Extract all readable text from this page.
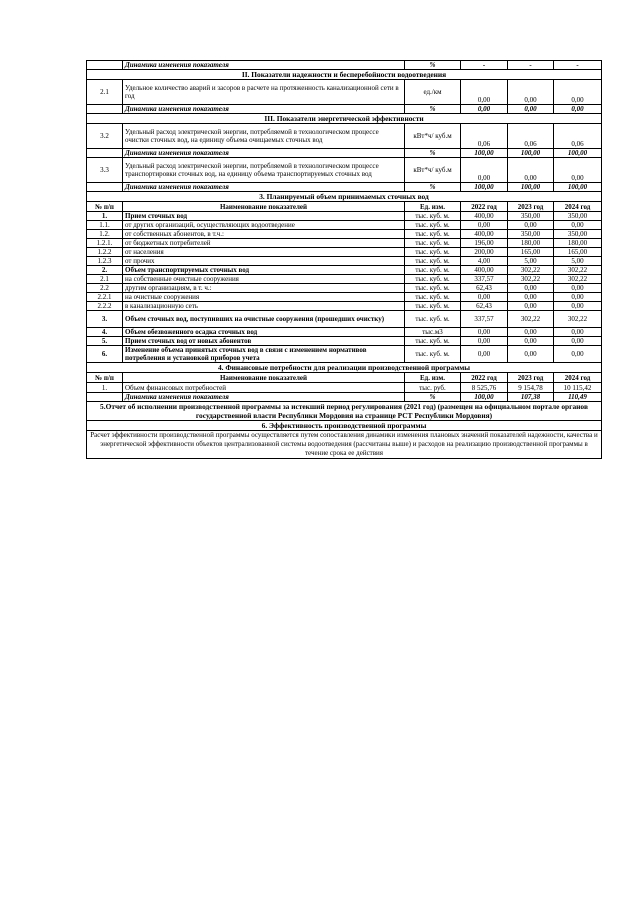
	Динамика изменения показателя	%	-	-	-
II. Показатели надежности и бесперебойности водоотведения					
2.1	Удельное количество аварий и засоров в расчете на протяженность канализационной сети в год	ед./км	0,00	0,00	0,00
	Динамика изменения показателя	%	0,00	0,00	0,00
III. Показатели энергетической эффективности					
3.2	Удельный расход электрической энергии, потребляемой в технологическом процессе очистки сточных вод, на единицу объема очищаемых сточных вод	кВт*ч/ куб.м	0,06	0,06	0,06
	Динамика изменения показателя	%	100,00	100,00	100,00
3.3	Удельный расход электрической энергии, потребляемой в технологическом процессе транспортировки сточных вод, на единицу объема транспортируемых сточных вод	кВт*ч/ куб.м	0,00	0,00	0,00
	Динамика изменения показателя	%	100,00	100,00	100,00
3. Планируемый объем принимаемых сточных вод					
№ п/п	Наименование показателей	Ед. изм.	2022 год	2023 год	2024 год
1.	Прием сточных вод	тыс. куб. м.	400,00	350,00	350,00
1.1.	от других организаций, осуществляющих водоотведение	тыс. куб. м.	0,00	0,00	0,00
1.2.	от собственных абонентов, в т.ч.:	тыс. куб. м.	400,00	350,00	350,00
1.2.1.	от бюджетных потребителей	тыс. куб. м.	196,00	180,00	180,00
1.2.2	от населения	тыс. куб. м.	200,00	165,00	165,00
1.2.3	от прочих	тыс. куб. м.	4,00	5,00	5,00
2.	Объем транспортируемых сточных вод	тыс. куб. м.	400,00	302,22	302,22
2.1	на собственные очистные сооружения	тыс. куб. м.	337,57	302,22	302,22
2.2	другим организациям, в т. ч.:	тыс. куб. м.	62,43	0,00	0,00
2.2.1	на очистные сооружения	тыс. куб. м.	0,00	0,00	0,00
2.2.2	в канализационную сеть	тыс. куб. м.	62,43	0,00	0,00
3.	Объем сточных вод, поступивших на очистные сооружения (прошедших очистку)	тыс. куб. м.	337,57	302,22	302,22
4.	Объем обезвоженного осадка сточных вод	тыс.м3	0,00	0,00	0,00
5.	Прием сточных вод от новых абонентов	тыс. куб. м.	0,00	0,00	0,00
6.	Изменение объема принятых сточных вод в связи с изменением нормативов потребления и установкой приборов учета	тыс. куб. м.	0,00	0,00	0,00
4. Финансовые потребности для реализации производственной программы					
№ п/п	Наименование показателей	Ед. изм.	2022 год	2023 год	2024 год
1.	Объем финансовых потребностей	тыс. руб.	8 525,76	9 154,78	10 115,42
	Динамика изменения показателя	%	100,00	107,38	110,49
5.Отчет об исполнении производственной программы за истекший период регулирования (2021 год) (размещен на официальном портале органов государственной власти Республики Мордовия на странице РСТ Республики Мордовия)					
6. Эффективность производственной программы					
Расчет эффективности производственной программы осуществляется путем сопоставления динамики изменения плановых значений показателей надежности, качества и энергетической эффективности объектов централизованной системы водоотведения (рассчитаны выше) и расходов на реализацию производственной программы в течение срока ее действия					
